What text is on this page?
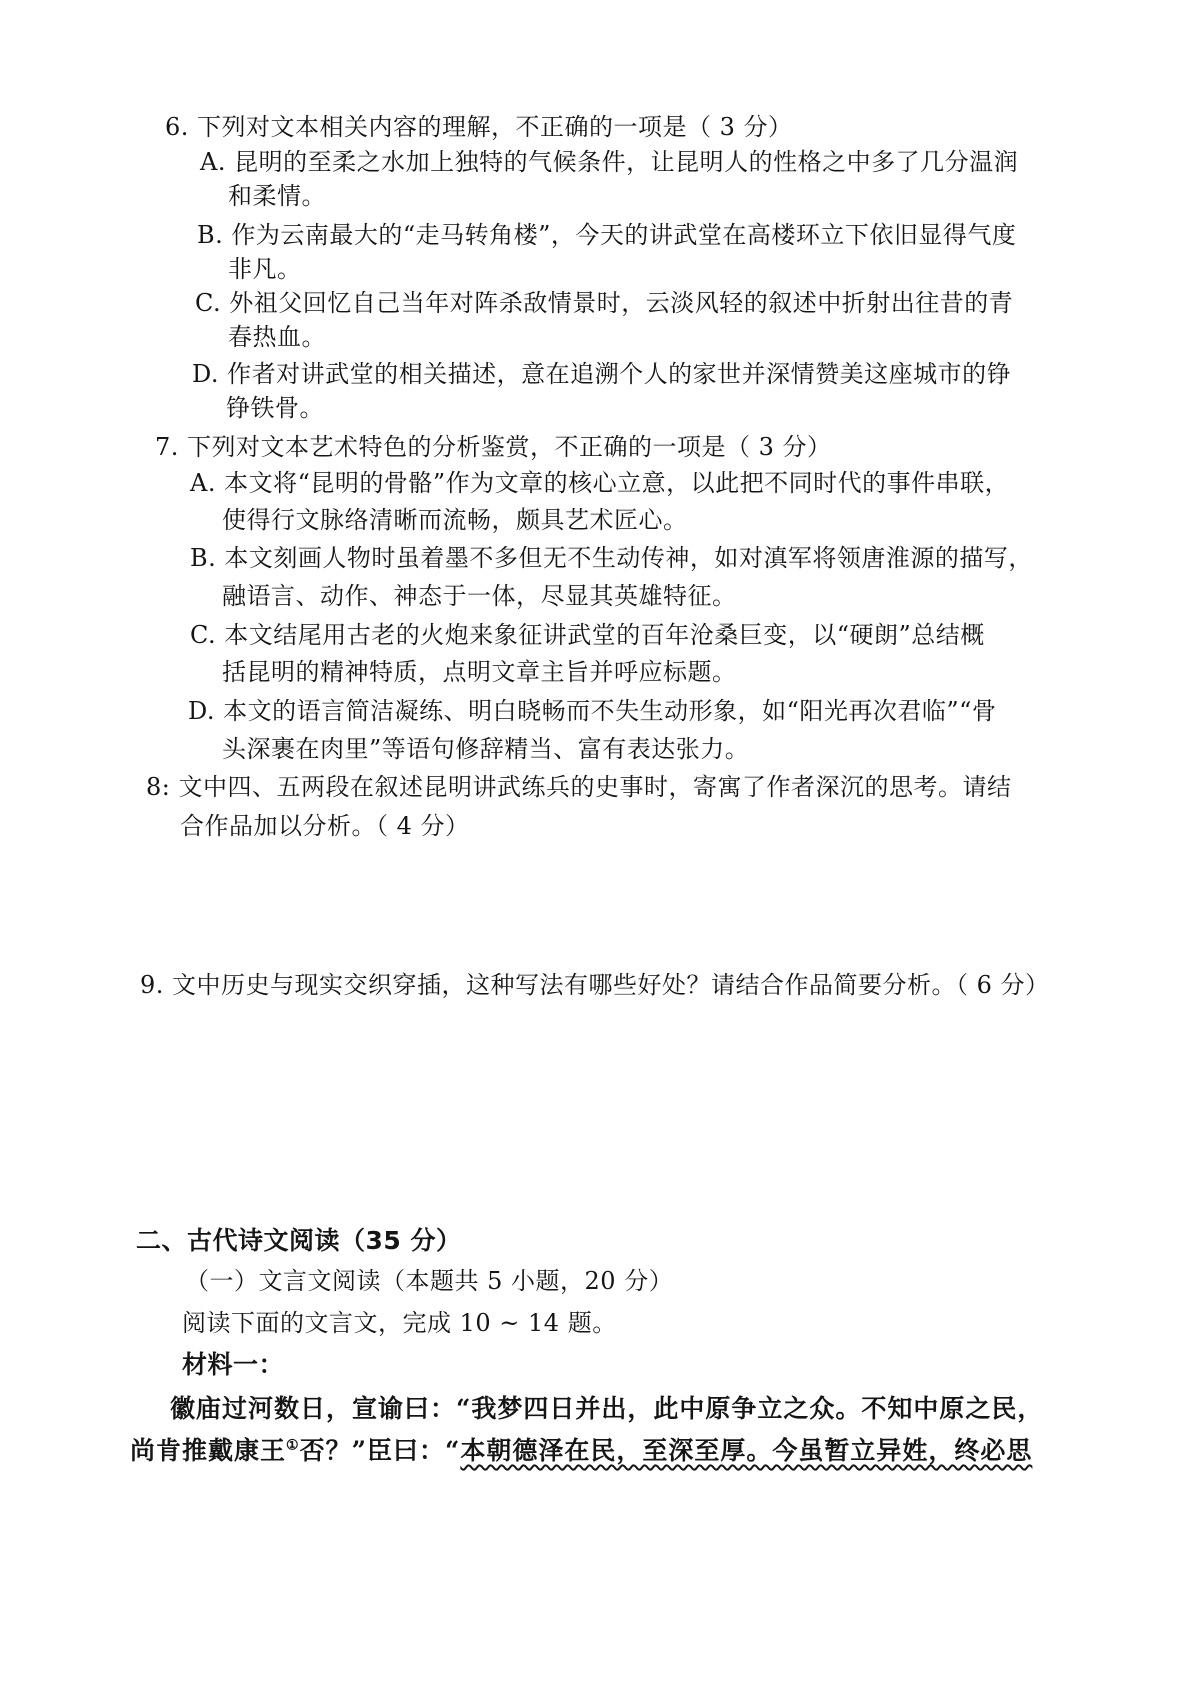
6. 下列对文本相关内容的理解，不正确的一项是（ 3 分）
A. 昆明的至柔之水加上独特的气候条件，让昆明人的性格之中多了几分温润
和柔情。
B. 作为云南最大的“走马转角楼”，今天的讲武堂在高楼环立下依旧显得气度
非凡。
C. 外祖父回忆自己当年对阵杀敌情景时，云淡风轻的叙述中折射出往昔的青
春热血。
D. 作者对讲武堂的相关描述，意在追溯个人的家世并深情赞美这座城市的铮
铮铁骨。
7. 下列对文本艺术特色的分析鉴赏，不正确的一项是（ 3 分）
A. 本文将“昆明的骨骼”作为文章的核心立意，以此把不同时代的事件串联，
使得行文脉络清晰而流畅，颇具艺术匠心。
B. 本文刻画人物时虽着墨不多但无不生动传神，如对滇军将领唐淮源的描写，
融语言、动作、神态于一体，尽显其英雄特征。
C. 本文结尾用古老的火炮来象征讲武堂的百年沧桑巨变，以“硬朗”总结概
括昆明的精神特质，点明文章主旨并呼应标题。
D. 本文的语言简洁凝练、明白晓畅而不失生动形象，如“阳光再次君临”“骨
头深裹在肉里”等语句修辞精当、富有表达张力。
8: 文中四、五两段在叙述昆明讲武练兵的史事时，寄寓了作者深沉的思考。请结
合作品加以分析。（ 4 分）
9. 文中历史与现实交织穿插，这种写法有哪些好处？请结合作品简要分析。（ 6 分）
二、古代诗文阅读（35 分）
（一）文言文阅读（本题共 5 小题，20 分）
阅读下面的文言文，完成 10 ~ 14 题。
材料一：
徽庙过河数日，宣谕曰：“我梦四日并出，此中原争立之众。不知中原之民，
尚肯推戴康王①否？”臣曰：“本朝德泽在民，至深至厚。今虽暂立异姓，终必思
